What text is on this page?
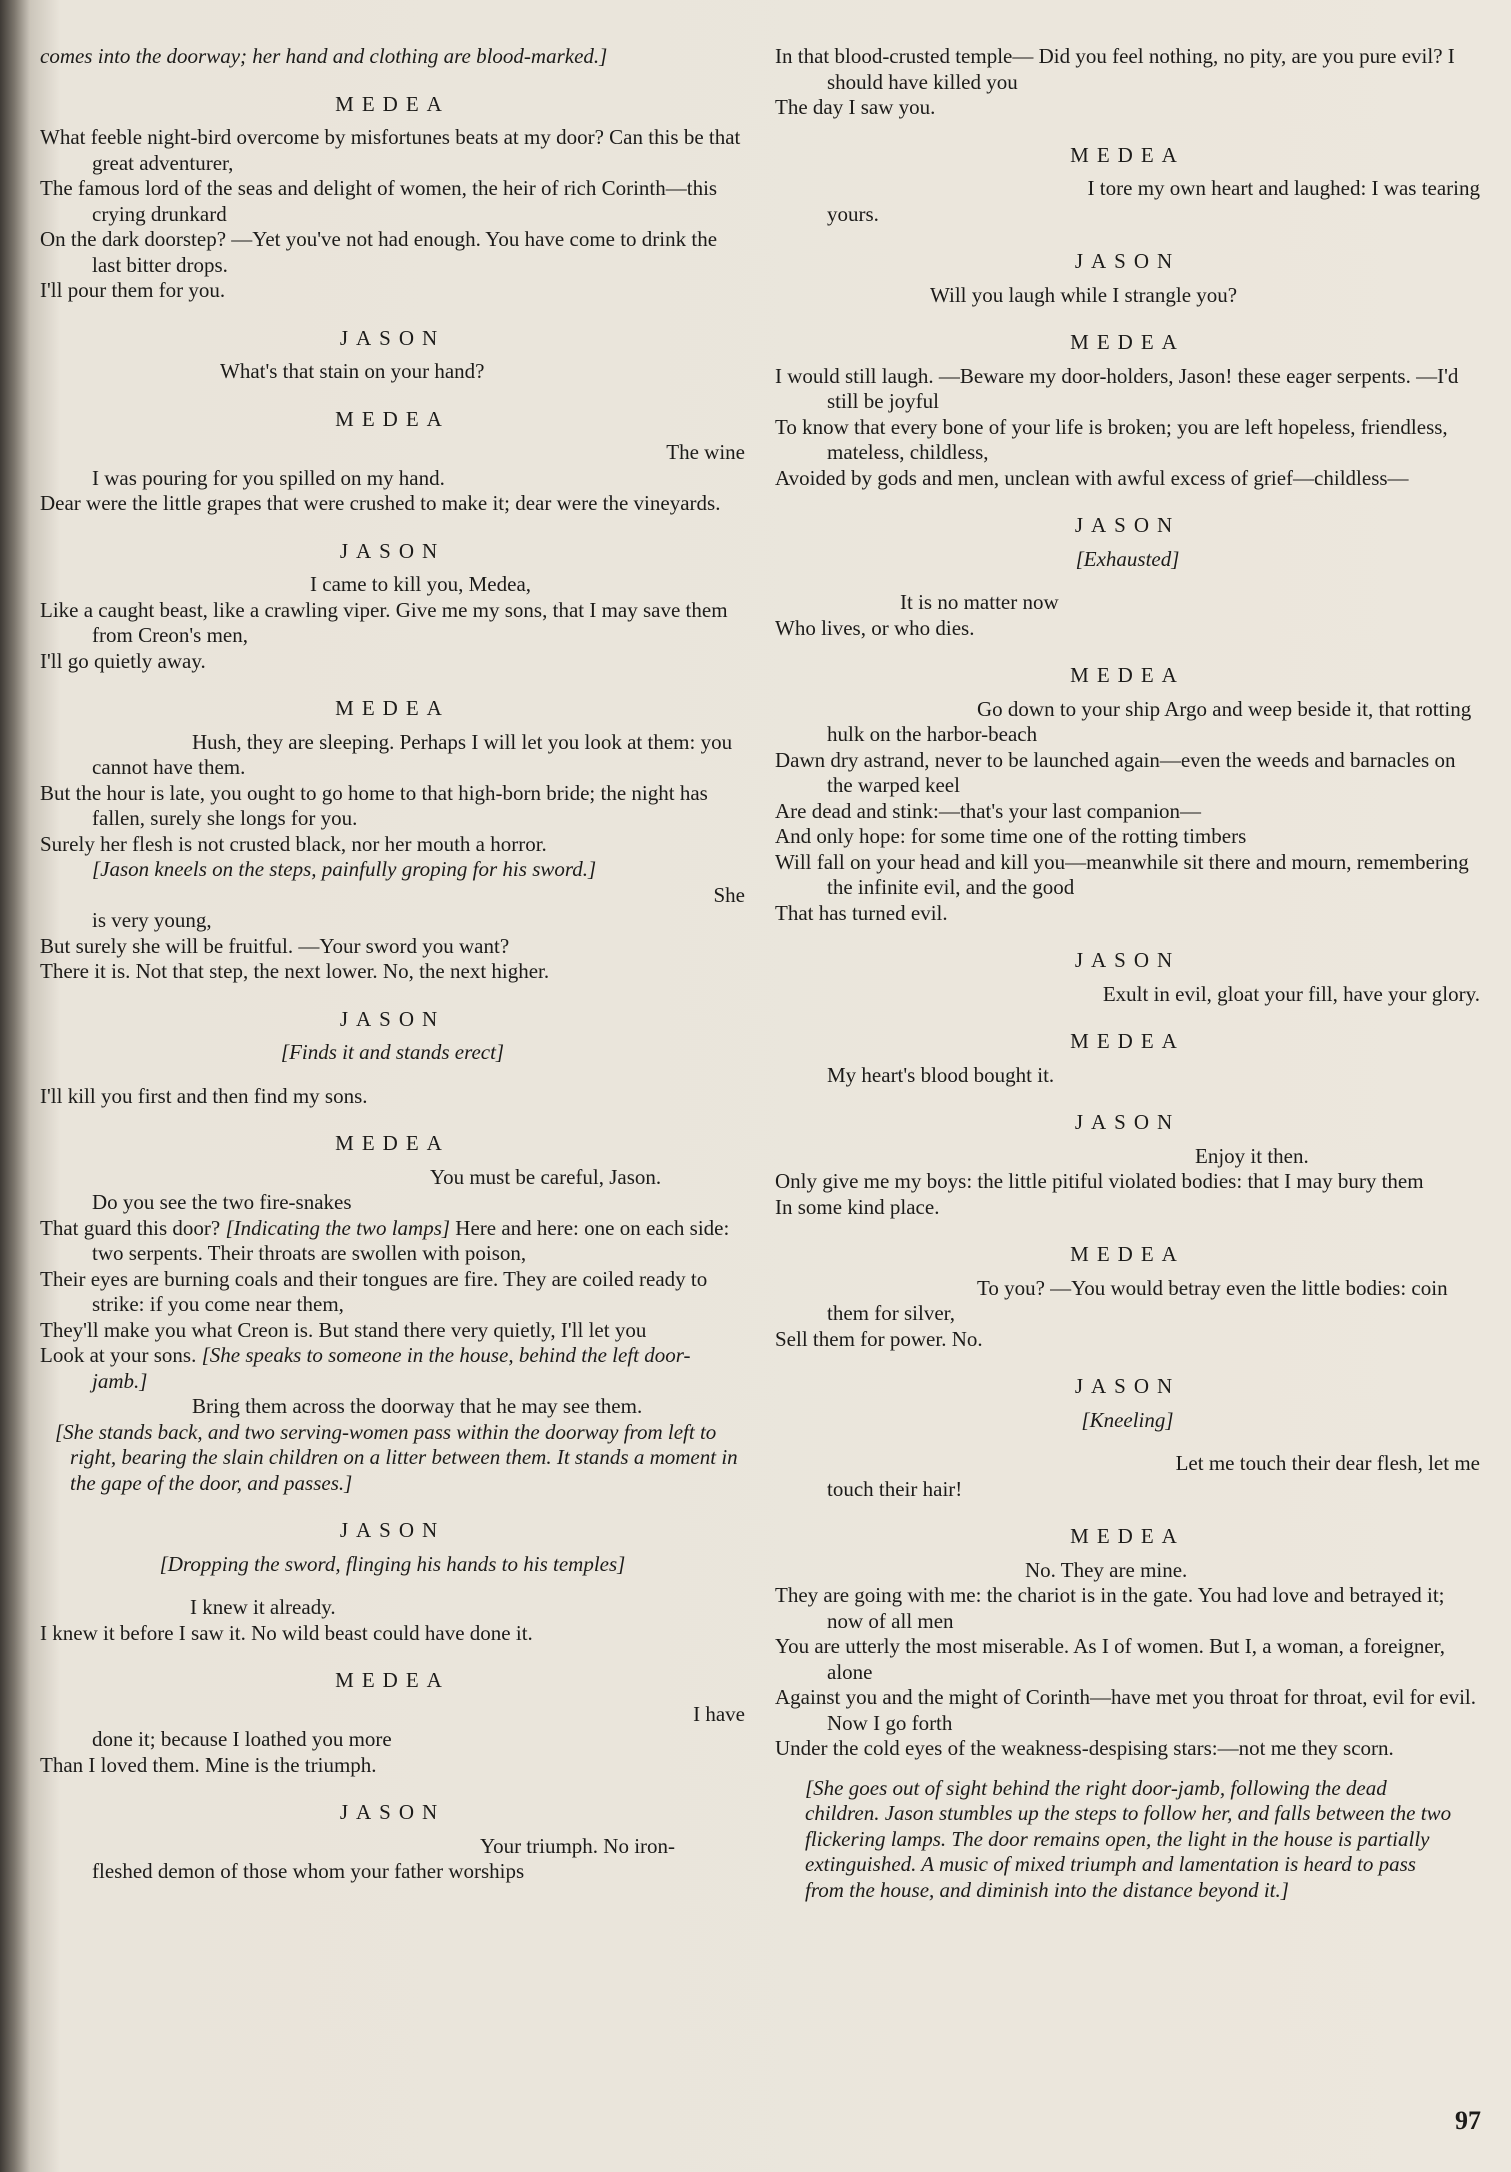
comes into the doorway; her hand and clothing are blood-marked.]

MEDEA

What feeble night-bird overcome by misfortunes beats at my door? Can this be that great adventurer,

The famous lord of the seas and delight of women, the heir of rich Corinth—this crying drunkard

On the dark doorstep? —Yet you've not had enough. You have come to drink the last bitter drops.

I'll pour them for you.

JASON

What's that stain on your hand?

MEDEA

The wine

I was pouring for you spilled on my hand.

Dear were the little grapes that were crushed to make it; dear were the vineyards.

JASON

I came to kill you, Medea,

Like a caught beast, like a crawling viper. Give me my sons, that I may save them from Creon's men,

I'll go quietly away.

MEDEA

Hush, they are sleeping. Perhaps I will let you look at them: you cannot have them.

But the hour is late, you ought to go home to that high-born bride; the night has fallen, surely she longs for you.

Surely her flesh is not crusted black, nor her mouth a horror.

[Jason kneels on the steps, painfully groping for his sword.]

She

is very young,

But surely she will be fruitful. —Your sword you want?

There it is. Not that step, the next lower. No, the next higher.

JASON

[Finds it and stands erect]

I'll kill you first and then find my sons.

MEDEA

You must be careful, Jason.

Do you see the two fire-snakes

That guard this door? [Indicating the two lamps] Here and here: one on each side: two serpents. Their throats are swollen with poison,

Their eyes are burning coals and their tongues are fire. They are coiled ready to strike: if you come near them,

They'll make you what Creon is. But stand there very quietly, I'll let you

Look at your sons. [She speaks to someone in the house, behind the left door-jamb.]

Bring them across the doorway that he may see them.

[She stands back, and two serving-women pass within the doorway from left to right, bearing the slain children on a litter between them. It stands a moment in the gape of the door, and passes.]

JASON

[Dropping the sword, flinging his hands to his temples]

I knew it already.

I knew it before I saw it. No wild beast could have done it.

MEDEA

I have

done it; because I loathed you more

Than I loved them. Mine is the triumph.

JASON

Your triumph. No iron-

fleshed demon of those whom your father worships

In that blood-crusted temple— Did you feel nothing, no pity, are you pure evil? I should have killed you

The day I saw you.

MEDEA

I tore my own heart and laughed: I was tearing

yours.

JASON

Will you laugh while I strangle you?

MEDEA

I would still laugh. —Beware my door-holders, Jason! these eager serpents. —I'd still be joyful

To know that every bone of your life is broken; you are left hopeless, friendless, mateless, childless,

Avoided by gods and men, unclean with awful excess of grief—childless—

JASON

[Exhausted]

It is no matter now

Who lives, or who dies.

MEDEA

Go down to your ship Argo and weep beside it, that rotting hulk on the harbor-beach

Dawn dry astrand, never to be launched again—even the weeds and barnacles on the warped keel

Are dead and stink:—that's your last companion—

And only hope: for some time one of the rotting timbers

Will fall on your head and kill you—meanwhile sit there and mourn, remembering the infinite evil, and the good

That has turned evil.

JASON

Exult in evil, gloat your fill, have your glory.

MEDEA

My heart's blood bought it.

JASON

Enjoy it then.

Only give me my boys: the little pitiful violated bodies: that I may bury them

In some kind place.

MEDEA

To you? —You would betray even the little bodies: coin them for silver,

Sell them for power. No.

JASON

[Kneeling]

Let me touch their dear flesh, let me

touch their hair!

MEDEA

No. They are mine.

They are going with me: the chariot is in the gate. You had love and betrayed it; now of all men

You are utterly the most miserable. As I of women. But I, a woman, a foreigner, alone

Against you and the might of Corinth—have met you throat for throat, evil for evil. Now I go forth

Under the cold eyes of the weakness-despising stars:—not me they scorn.

[She goes out of sight behind the right door-jamb, following the dead children. Jason stumbles up the steps to follow her, and falls between the two flickering lamps. The door remains open, the light in the house is partially extinguished. A music of mixed triumph and lamentation is heard to pass from the house, and diminish into the distance beyond it.]

97
